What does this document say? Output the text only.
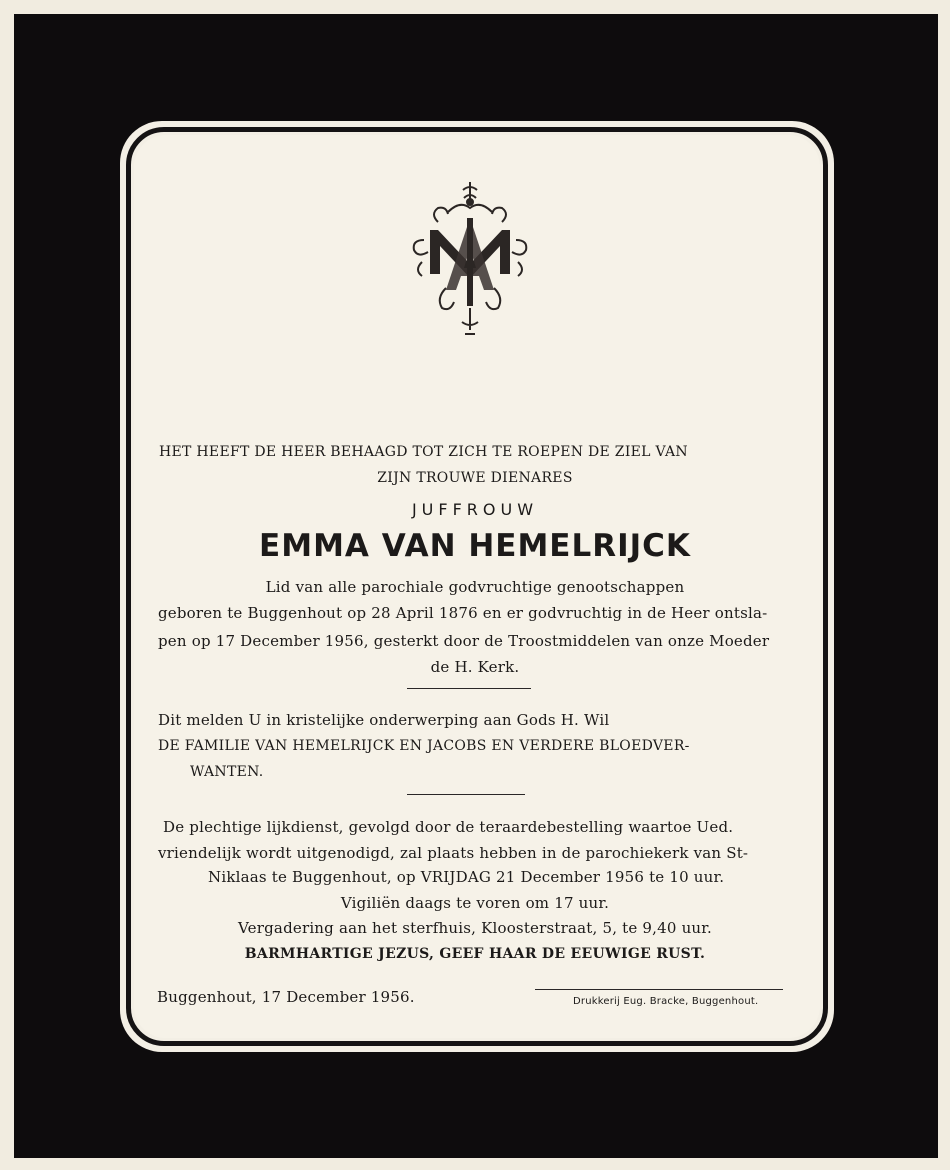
HET HEEFT DE HEER BEHAAGD TOT ZICH TE ROEPEN DE ZIEL VAN
ZIJN TROUWE DIENARES
JUFFROUW
EMMA VAN HEMELRIJCK
Lid van alle parochiale godvruchtige genootschappen
geboren te Buggenhout op 28 April 1876 en er godvruchtig in de Heer ontsla-
pen op 17 December 1956, gesterkt door de Troostmiddelen van onze Moeder
de H. Kerk.
Dit melden U in kristelijke onderwerping aan Gods H. Wil
DE FAMILIE VAN HEMELRIJCK EN JACOBS EN VERDERE BLOEDVER-
WANTEN.
De plechtige lijkdienst, gevolgd door de teraardebestelling waartoe Ued.
vriendelijk wordt uitgenodigd, zal plaats hebben in de parochiekerk van St-
Niklaas te Buggenhout, op VRIJDAG 21 December 1956 te 10 uur.
Vigiliën daags te voren om 17 uur.
Vergadering aan het sterfhuis, Kloosterstraat, 5, te 9,40 uur.
BARMHARTIGE JEZUS, GEEF HAAR DE EEUWIGE RUST.
Buggenhout, 17 December 1956.	Drukkerij Eug. Bracke, Buggenhout.
